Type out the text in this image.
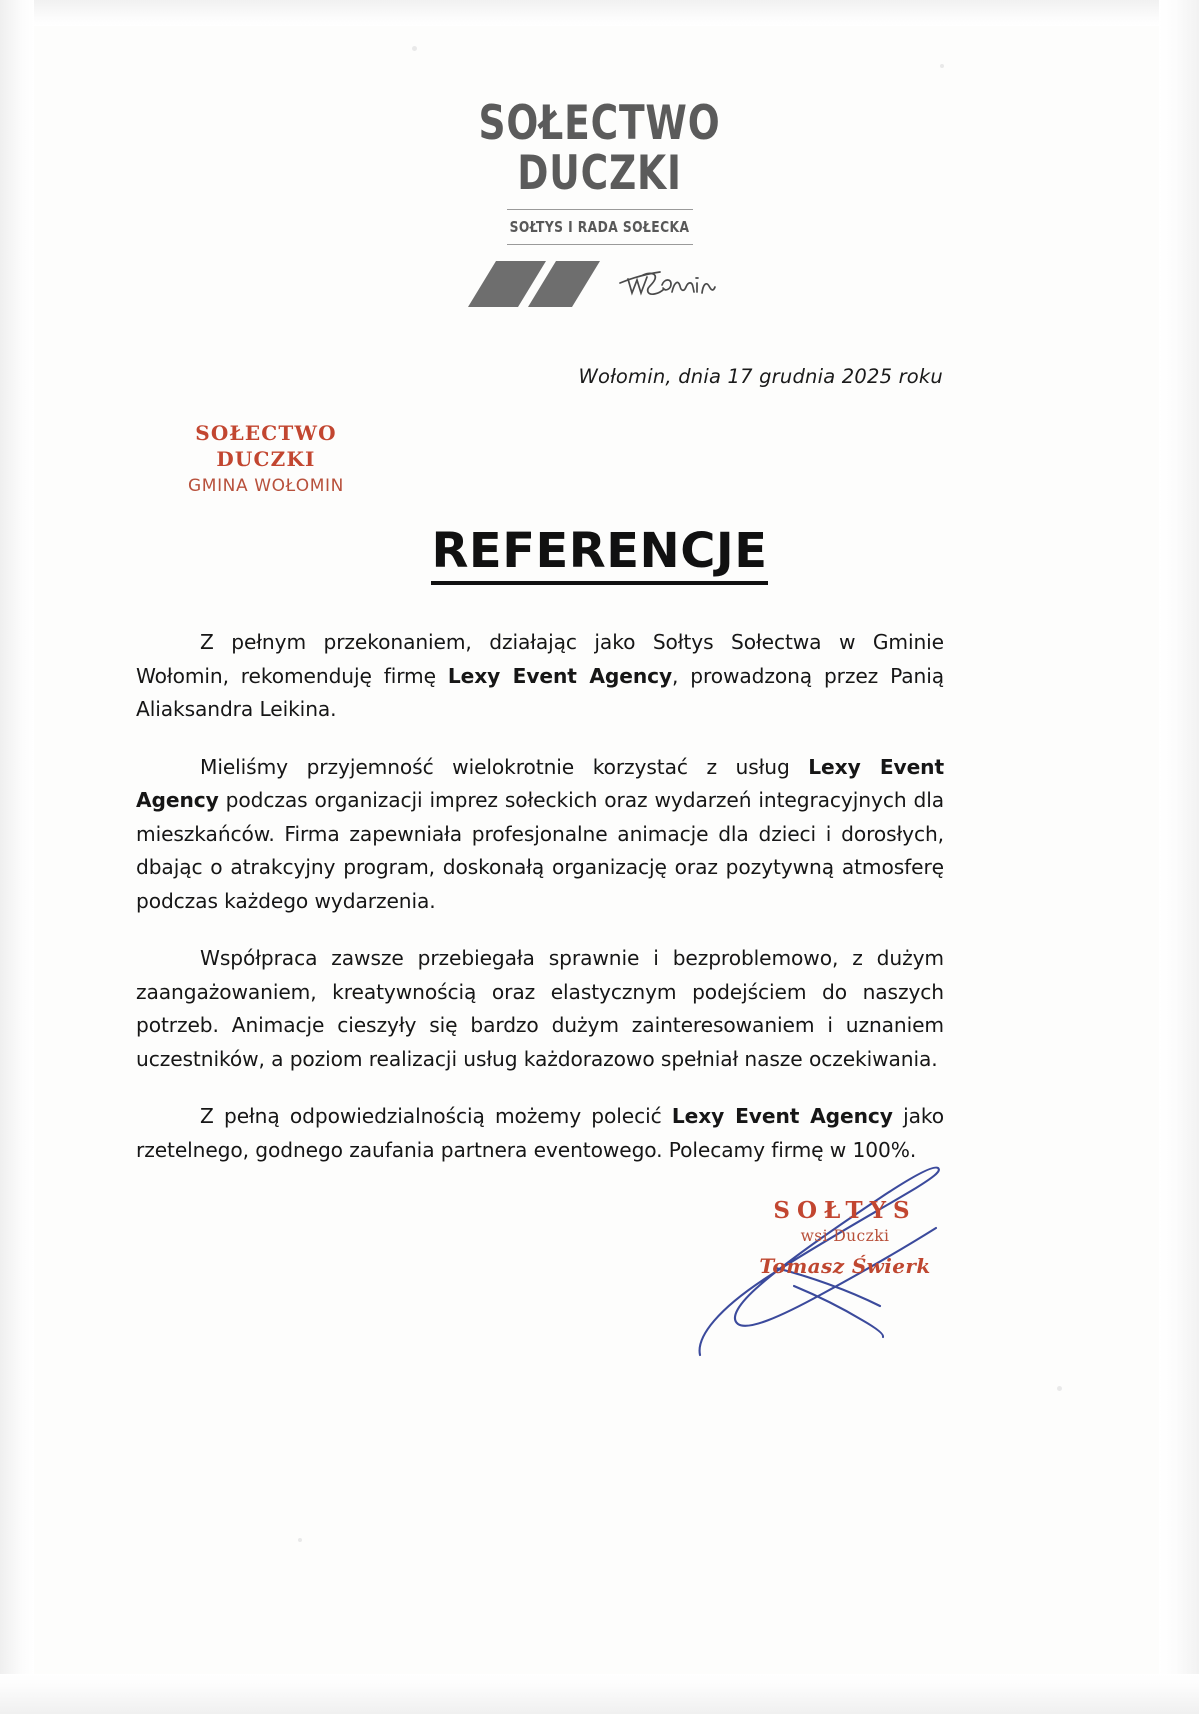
SOŁECTWO
DUCZKI
SOŁTYS I RADA SOŁECKA
Wołomin, dnia 17 grudnia 2025 roku
SOŁECTWO
DUCZKI
GMINA WOŁOMIN
REFERENCJE

Z pełnym przekonaniem, działając jako Sołtys Sołectwa w Gminie Wołomin, rekomenduję firmę Lexy Event Agency, prowadzoną przez Panią Aliaksandra Leikina.

Mieliśmy przyjemność wielokrotnie korzystać z usług Lexy Event Agency podczas organizacji imprez sołeckich oraz wydarzeń integracyjnych dla mieszkańców. Firma zapewniała profesjonalne animacje dla dzieci i dorosłych, dbając o atrakcyjny program, doskonałą organizację oraz pozytywną atmosferę podczas każdego wydarzenia.

Współpraca zawsze przebiegała sprawnie i bezproblemowo, z dużym zaangażowaniem, kreatywnością oraz elastycznym podejściem do naszych potrzeb. Animacje cieszyły się bardzo dużym zainteresowaniem i uznaniem uczestników, a poziom realizacji usług każdorazowo spełniał nasze oczekiwania.

Z pełną odpowiedzialnością możemy polecić Lexy Event Agency jako rzetelnego, godnego zaufania partnera eventowego. Polecamy firmę w 100%.

SOŁTYS
wsi Duczki
Tomasz Świerk
